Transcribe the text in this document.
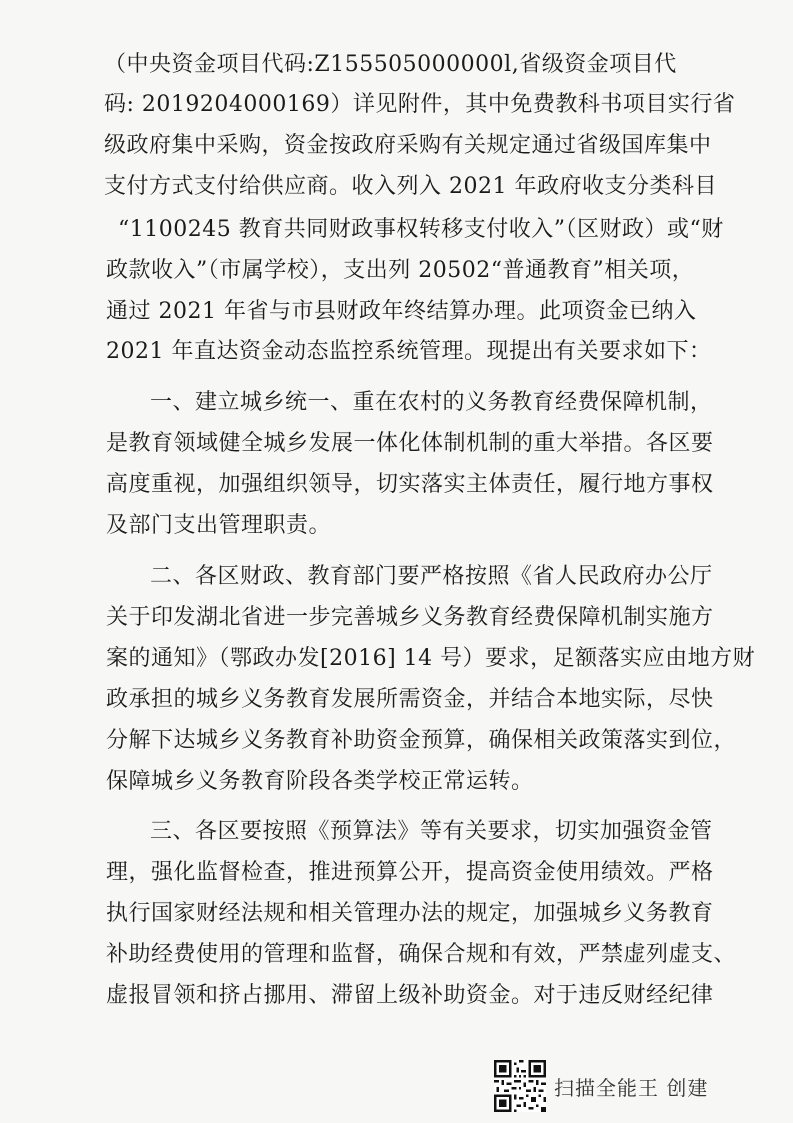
（中央资金项目代码:Z155505000000l,省级资金项目代
码: 2019204000169）详见附件，其中免费教科书项目实行省
级政府集中采购，资金按政府采购有关规定通过省级国库集中
支付方式支付给供应商。收入列入 2021 年政府收支分类科目
“1100245 教育共同财政事权转移支付收入”（区财政）或“财
政款收入”（市属学校），支出列 20502“普通教育”相关项，
通过 2021 年省与市县财政年终结算办理。此项资金已纳入
2021 年直达资金动态监控系统管理。现提出有关要求如下：
一、建立城乡统一、重在农村的义务教育经费保障机制，
是教育领域健全城乡发展一体化体制机制的重大举措。各区要
高度重视，加强组织领导，切实落实主体责任，履行地方事权
及部门支出管理职责。
二、各区财政、教育部门要严格按照《省人民政府办公厅
关于印发湖北省进一步完善城乡义务教育经费保障机制实施方
案的通知》（鄂政办发[2016] 14 号）要求，足额落实应由地方财
政承担的城乡义务教育发展所需资金，并结合本地实际，尽快
分解下达城乡义务教育补助资金预算，确保相关政策落实到位，
保障城乡义务教育阶段各类学校正常运转。
三、各区要按照《预算法》等有关要求，切实加强资金管
理，强化监督检查，推进预算公开，提高资金使用绩效。严格
执行国家财经法规和相关管理办法的规定，加强城乡义务教育
补助经费使用的管理和监督，确保合规和有效，严禁虚列虚支、
虚报冒领和挤占挪用、滞留上级补助资金。对于违反财经纪律
扫描全能王 创建
